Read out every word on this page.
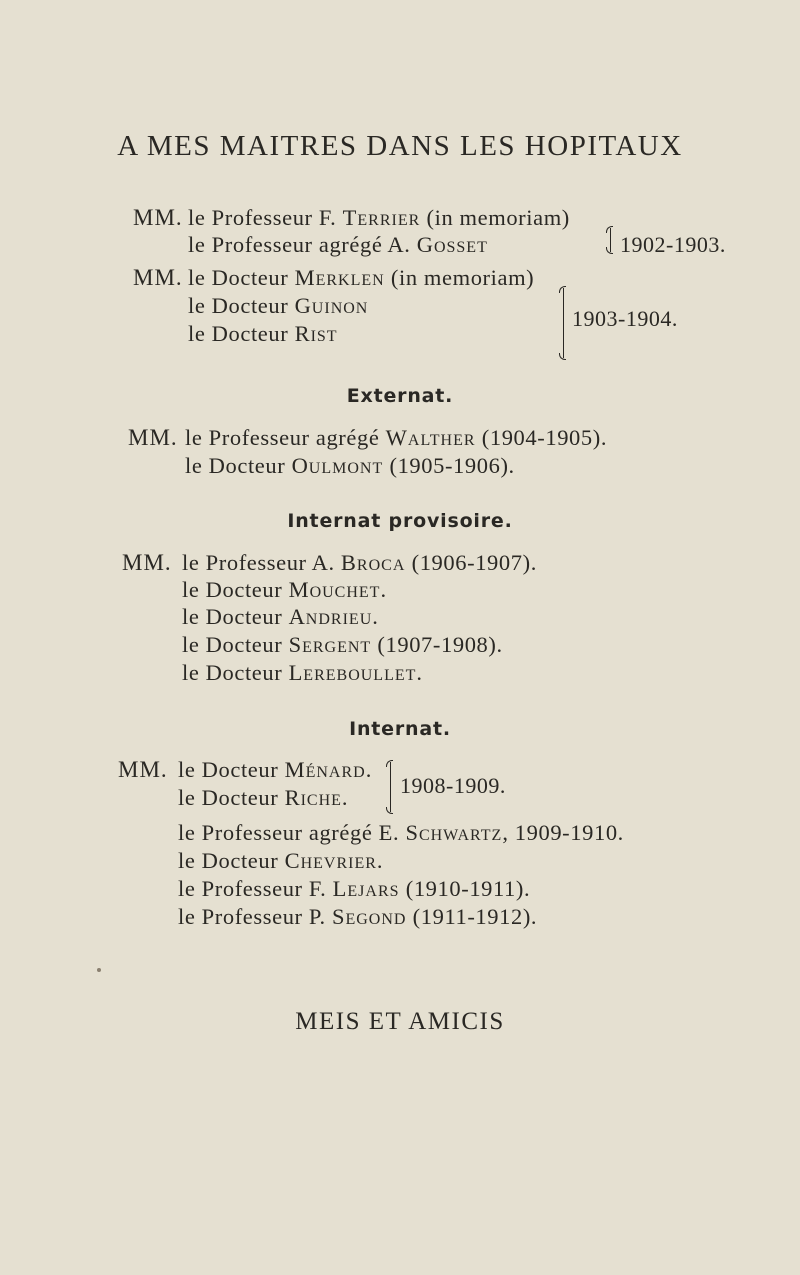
A MES MAITRES DANS LES HOPITAUX
MM. le Professeur F. Terrier (in memoriam)
le Professeur agrégé A. Gosset	1902-1903.
MM. le Docteur Merklen (in memoriam)
le Docteur Guinon
le Docteur Rist
1903-1904.
Externat.
MM. le Professeur agrégé Walther (1904-1905).
le Docteur Oulmont (1905-1906).
Internat provisoire.
MM. le Professeur A. Broca (1906-1907).
le Docteur Mouchet.
le Docteur Andrieu.
le Docteur Sergent (1907-1908).
le Docteur Lereboullet.
Internat.
MM. le Docteur Ménard.
le Docteur Riche. 1908-1909.
le Professeur agrégé E. Schwartz, 1909-1910.
le Docteur Chevrier.
le Professeur F. Lejars (1910-1911).
le Professeur P. Segond (1911-1912).
MEIS ET AMICIS
